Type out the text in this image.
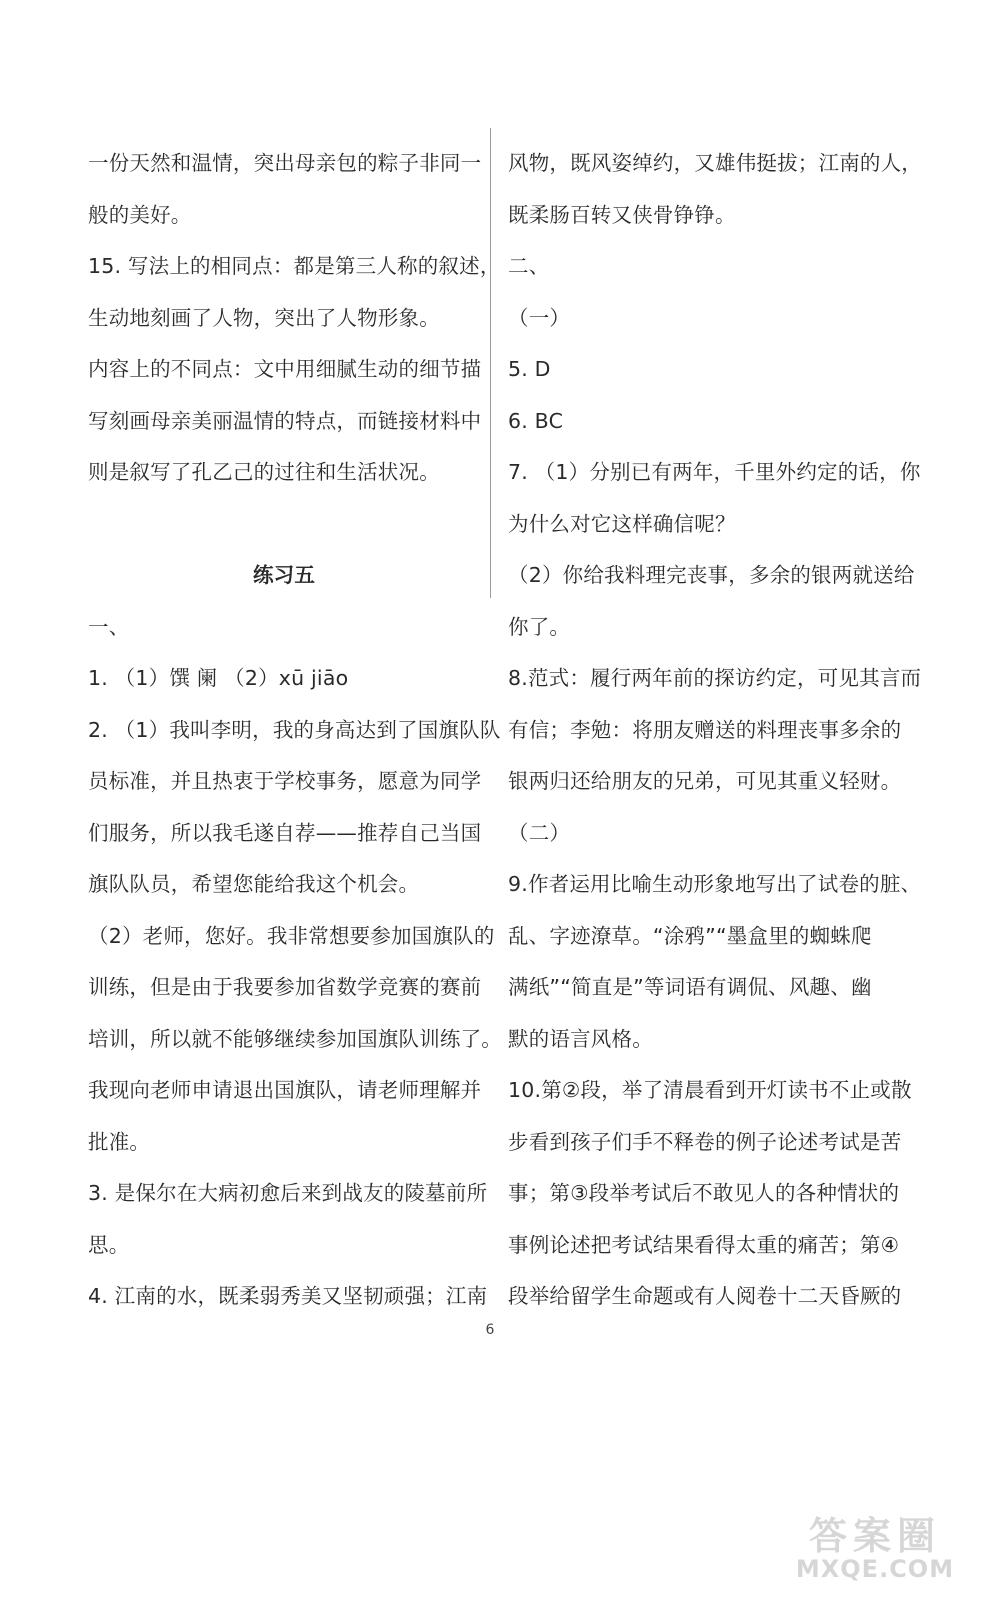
一份天然和温情，突出母亲包的粽子非同一
般的美好。
15. 写法上的相同点：都是第三人称的叙述，
生动地刻画了人物，突出了人物形象。
内容上的不同点：文中用细腻生动的细节描
写刻画母亲美丽温情的特点，而链接材料中
则是叙写了孔乙己的过往和生活状况。
练习五
一、
1. （1）馔 阑 （2）xū jiāo
2. （1）我叫李明，我的身高达到了国旗队队
员标准，并且热衷于学校事务，愿意为同学
们服务，所以我毛遂自荐——推荐自己当国
旗队队员，希望您能给我这个机会。
（2）老师，您好。我非常想要参加国旗队的
训练，但是由于我要参加省数学竞赛的赛前
培训，所以就不能够继续参加国旗队训练了。
我现向老师申请退出国旗队，请老师理解并
批准。
3. 是保尔在大病初愈后来到战友的陵墓前所
思。
4. 江南的水，既柔弱秀美又坚韧顽强；江南
风物，既风姿绰约，又雄伟挺拔；江南的人，
既柔肠百转又侠骨铮铮。
二、
（一）
5. D
6. BC
7. （1）分别已有两年，千里外约定的话，你
为什么对它这样确信呢？
（2）你给我料理完丧事，多余的银两就送给
你了。
8.范式：履行两年前的探访约定，可见其言而
有信；李勉：将朋友赠送的料理丧事多余的
银两归还给朋友的兄弟，可见其重义轻财。
（二）
9.作者运用比喻生动形象地写出了试卷的脏、
乱、字迹潦草。“涂鸦”“墨盒里的蜘蛛爬
满纸”“简直是”等词语有调侃、风趣、幽
默的语言风格。
10.第②段，举了清晨看到开灯读书不止或散
步看到孩子们手不释卷的例子论述考试是苦
事；第③段举考试后不敢见人的各种情状的
事例论述把考试结果看得太重的痛苦；第④
段举给留学生命题或有人阅卷十二天昏厥的
6
答案圈
MXQE.COM
